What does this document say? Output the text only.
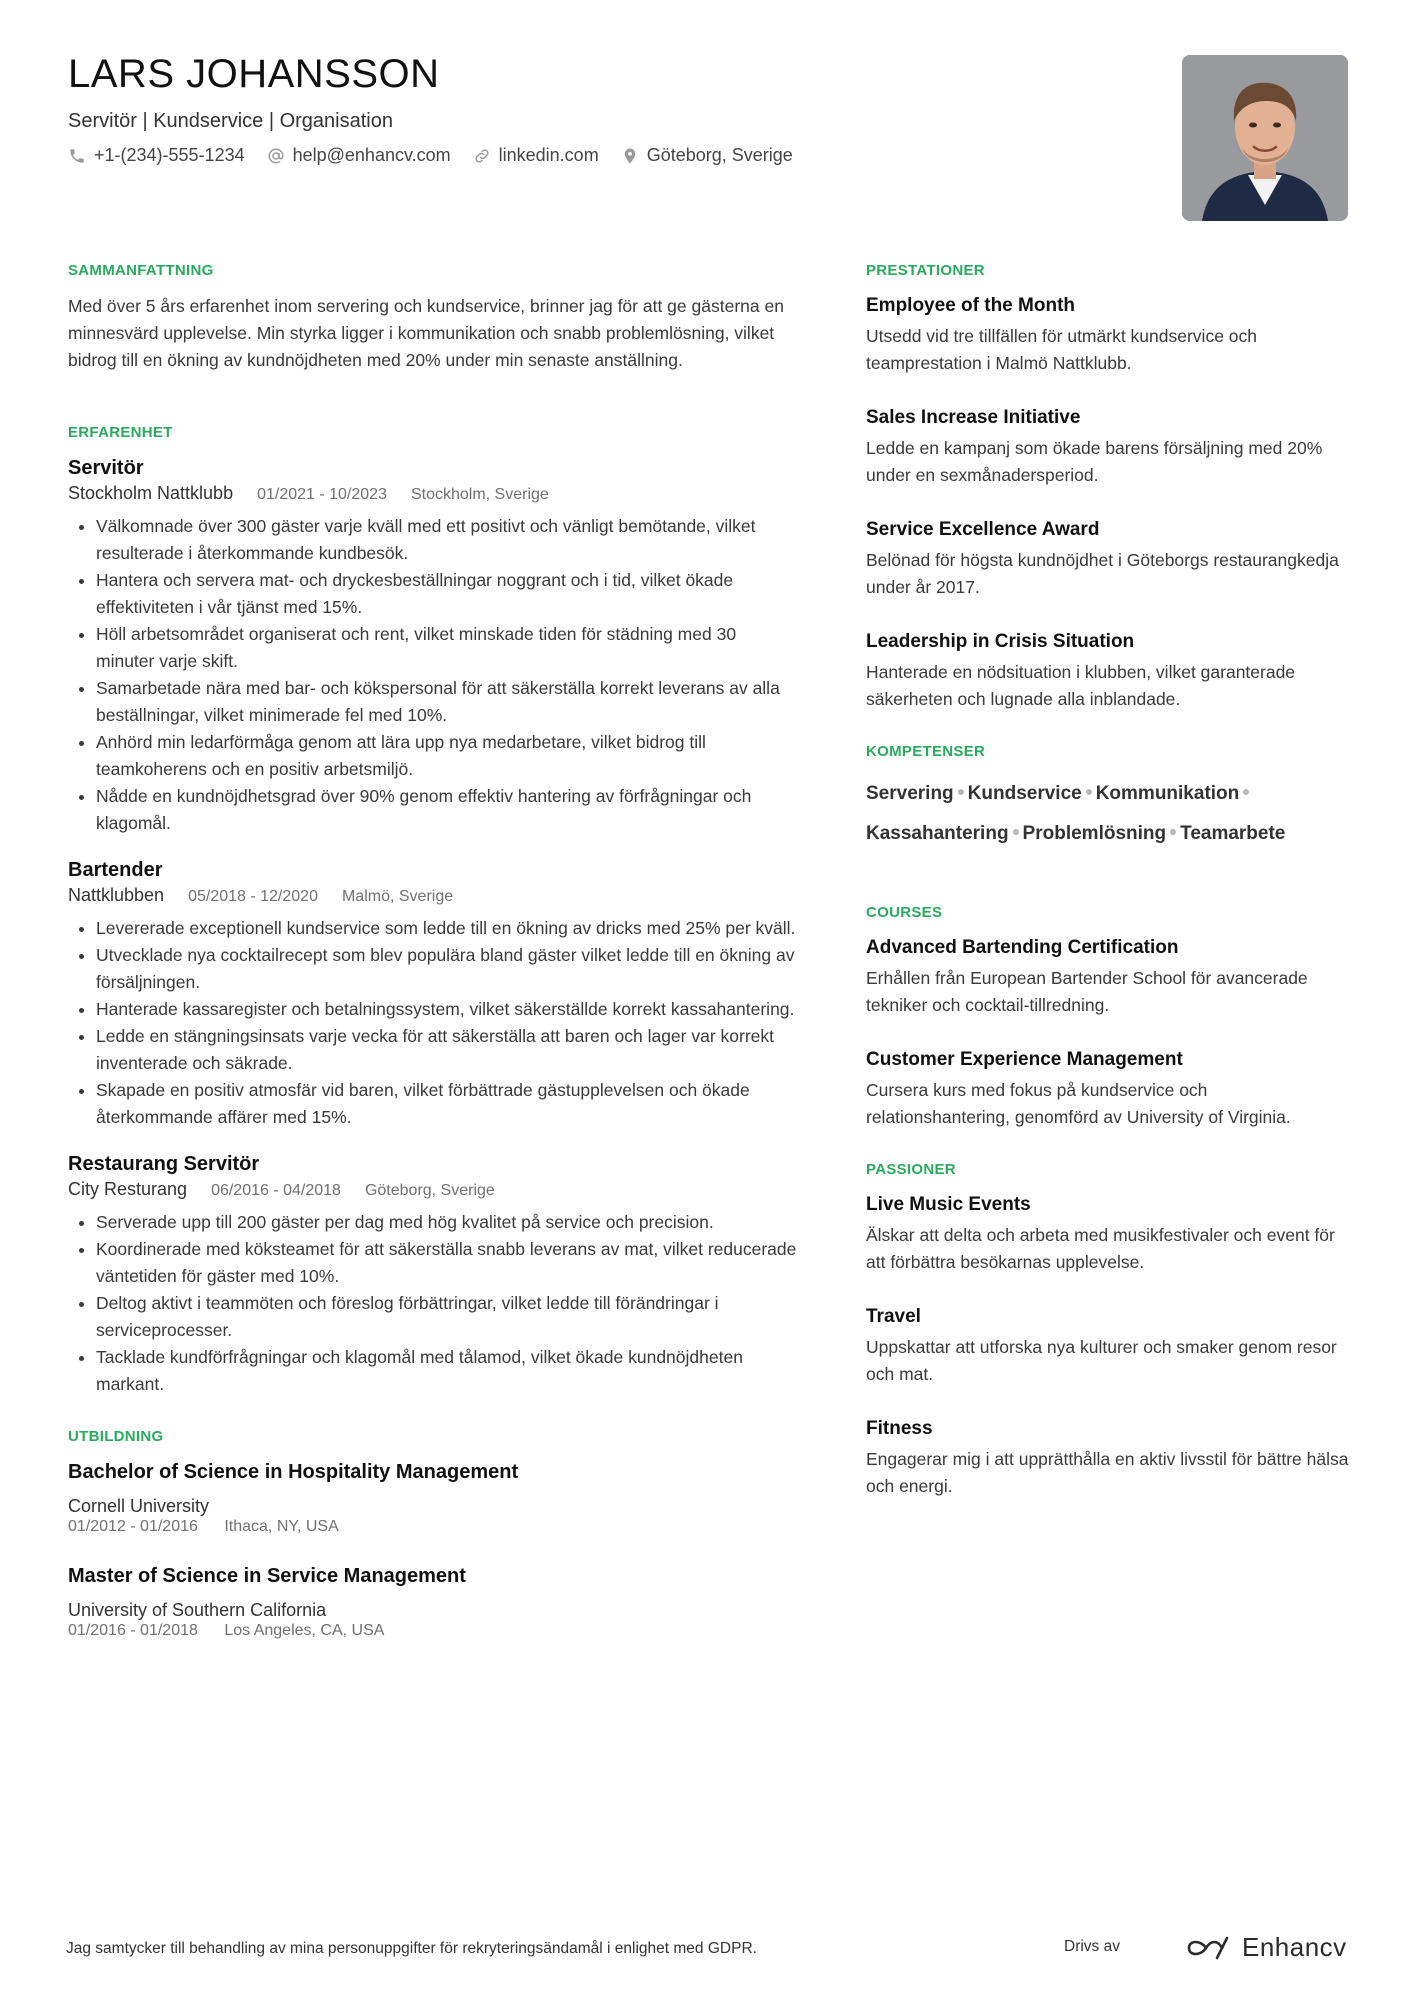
LARS JOHANSSON
Servitör | Kundservice | Organisation
+1-(234)-555-1234	help@enhancv.com	linkedin.com	Göteborg, Sverige
SAMMANFATTNING

Med över 5 års erfarenhet inom servering och kundservice, brinner jag för att ge gästerna en minnesvärd upplevelse. Min styrka ligger i kommunikation och snabb problemlösning, vilket bidrog till en ökning av kundnöjdheten med 20% under min senaste anställning.

ERFARENHET
Servitör
Stockholm Nattklubb 01/2021 - 10/2023 Stockholm, Sverige
• Välkomnade över 300 gäster varje kväll med ett positivt och vänligt bemötande, vilket resulterade i återkommande kundbesök.
• Hantera och servera mat- och dryckesbeställningar noggrant och i tid, vilket ökade effektiviteten i vår tjänst med 15%.
• Höll arbetsområdet organiserat och rent, vilket minskade tiden för städning med 30 minuter varje skift.
• Samarbetade nära med bar- och kökspersonal för att säkerställa korrekt leverans av alla beställningar, vilket minimerade fel med 10%.
• Anhörd min ledarförmåga genom att lära upp nya medarbetare, vilket bidrog till teamkoherens och en positiv arbetsmiljö.
• Nådde en kundnöjdhetsgrad över 90% genom effektiv hantering av förfrågningar och klagomål.
Bartender
Nattklubben 05/2018 - 12/2020 Malmö, Sverige
• Levererade exceptionell kundservice som ledde till en ökning av dricks med 25% per kväll.
• Utvecklade nya cocktailrecept som blev populära bland gäster vilket ledde till en ökning av försäljningen.
• Hanterade kassaregister och betalningssystem, vilket säkerställde korrekt kassahantering.
• Ledde en stängningsinsats varje vecka för att säkerställa att baren och lager var korrekt inventerade och säkrade.
• Skapade en positiv atmosfär vid baren, vilket förbättrade gästupplevelsen och ökade återkommande affärer med 15%.
Restaurang Servitör
City Resturang 06/2016 - 04/2018 Göteborg, Sverige
• Serverade upp till 200 gäster per dag med hög kvalitet på service och precision.
• Koordinerade med köksteamet för att säkerställa snabb leverans av mat, vilket reducerade väntetiden för gäster med 10%.
• Deltog aktivt i teammöten och föreslog förbättringar, vilket ledde till förändringar i serviceprocesser.
• Tacklade kundförfrågningar och klagomål med tålamod, vilket ökade kundnöjdheten markant.
UTBILDNING
Bachelor of Science in Hospitality Management
Cornell University
01/2012 - 01/2016 Ithaca, NY, USA
Master of Science in Service Management
University of Southern California
01/2016 - 01/2018 Los Angeles, CA, USA
PRESTATIONER
Employee of the Month

Utsedd vid tre tillfällen för utmärkt kundservice och teamprestation i Malmö Nattklubb.

Sales Increase Initiative

Ledde en kampanj som ökade barens försäljning med 20% under en sexmånadersperiod.

Service Excellence Award

Belönad för högsta kundnöjdhet i Göteborgs restaurangkedja under år 2017.

Leadership in Crisis Situation

Hanterade en nödsituation i klubben, vilket garanterade säkerheten och lugnade alla inblandade.

KOMPETENSER
Servering Kundservice Kommunikation
Kassahantering Problemlösning Teamarbete
COURSES
Advanced Bartending Certification

Erhållen från European Bartender School för avancerade tekniker och cocktail-tillredning.

Customer Experience Management

Cursera kurs med fokus på kundservice och relationshantering, genomförd av University of Virginia.

PASSIONER
Live Music Events

Älskar att delta och arbeta med musikfestivaler och event för att förbättra besökarnas upplevelse.

Travel

Uppskattar att utforska nya kulturer och smaker genom resor och mat.

Fitness

Engagerar mig i att upprätthålla en aktiv livsstil för bättre hälsa och energi.

Jag samtycker till behandling av mina personuppgifter för rekryteringsändamål i enlighet med GDPR.	Drivs av	Enhancv
